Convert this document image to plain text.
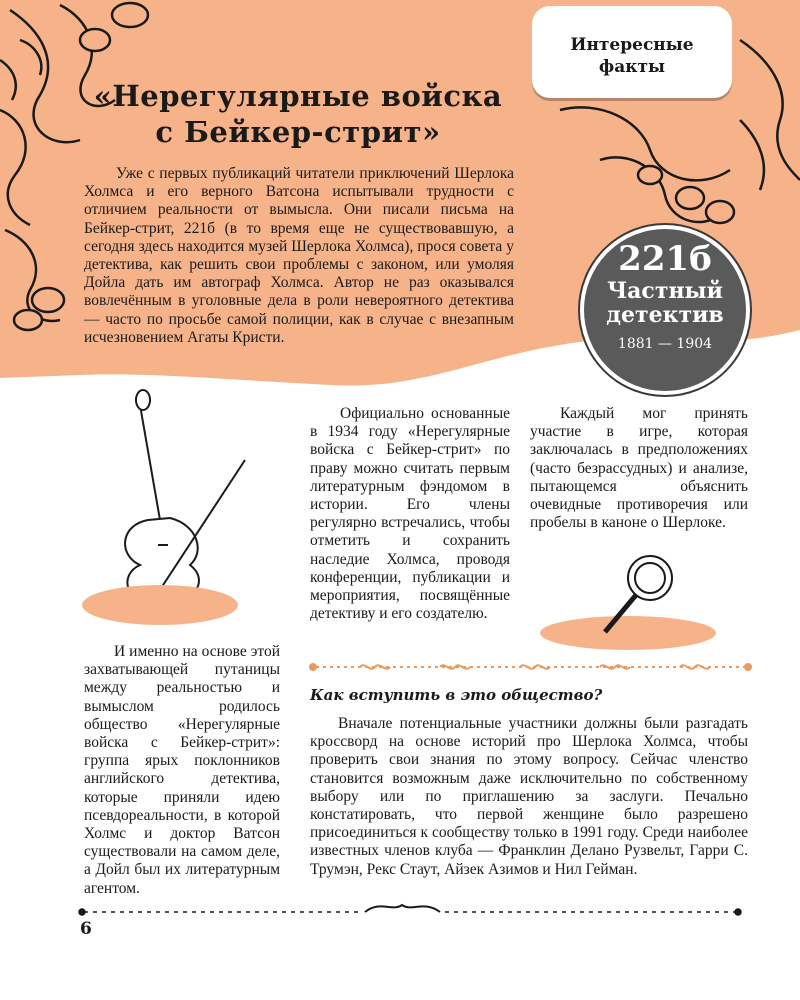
Интересные
факты
«Нерегулярные войска
с Бейкер-стрит»
221б
Частный
детектив
1881 — 1904
Уже с первых публикаций читатели приключений Шерлока Холмса и его верного Ватсона испытывали трудности с отличием реальности от вымысла. Они писали письма на Бейкер-стрит, 221б (в то время еще не существовавшую, а сегодня здесь находится музей Шерлока Холмса), прося совета у детектива, как решить свои проблемы с законом, или умоляя Дойла дать им автограф Холмса. Автор не раз оказывался вовлечённым в уголовные дела в роли невероятного детектива — часто по просьбе самой полиции, как в случае с внезапным исчезновением Агаты Кристи.
Официально основанные в 1934 году «Нерегулярные войска с Бейкер-стрит» по праву можно считать первым литературным фэндомом в истории. Его члены регулярно встречались, чтобы отметить и сохранить наследие Холмса, проводя конференции, публикации и мероприятия, посвящённые детективу и его создателю.
Каждый мог принять участие в игре, которая заключалась в предположениях (часто безрассудных) и анализе, пытающемся объяснить очевидные противоречия или пробелы в каноне о Шерлоке.
И именно на основе этой захватывающей путаницы между реальностью и вымыслом родилось общество «Нерегулярные войска с Бейкер-стрит»: группа ярых поклонников английского детектива, которые приняли идею псевдореальности, в которой Холмс и доктор Ватсон существовали на самом деле, а Дойл был их литературным агентом.
Как вступить в это общество?
Вначале потенциальные участники должны были разгадать кроссворд на основе историй про Шерлока Холмса, чтобы проверить свои знания по этому вопросу. Сейчас членство становится возможным даже исключительно по собственному выбору или по приглашению за заслуги. Печально констатировать, что первой женщине было разрешено присоединиться к сообществу только в 1991 году. Среди наиболее известных членов клуба — Франклин Делано Рузвельт, Гарри С. Трумэн, Рекс Стаут, Айзек Азимов и Нил Гейман.
6
